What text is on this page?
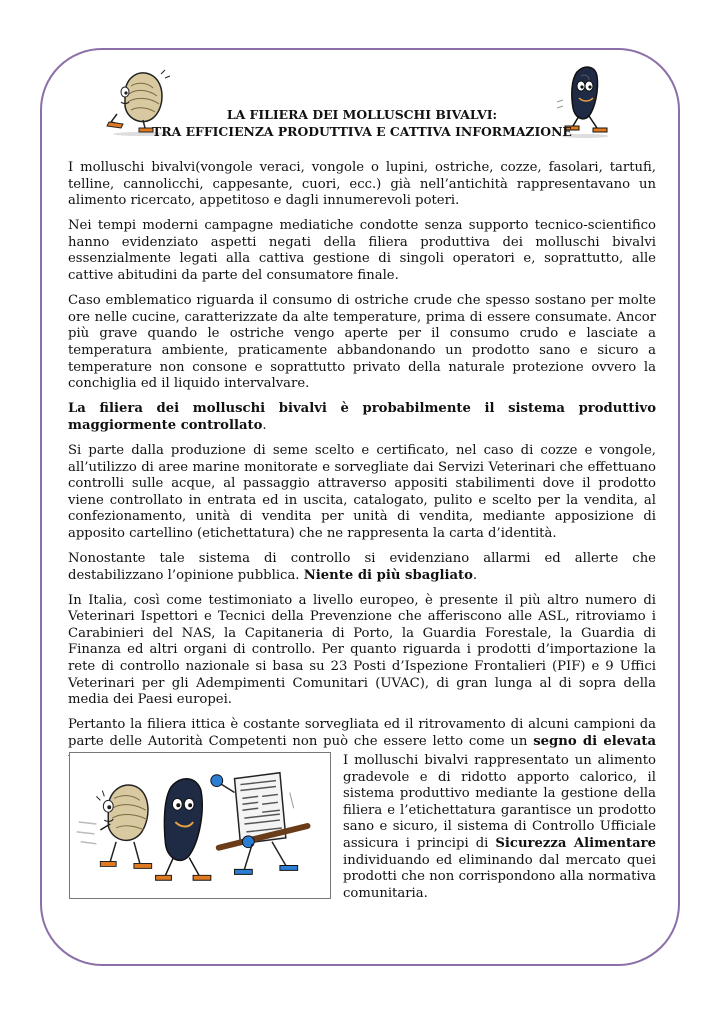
LA FILIERA DEI MOLLUSCHI BIVALVI:
TRA EFFICIENZA PRODUTTIVA E CATTIVA INFORMAZIONE

I molluschi bivalvi(vongole veraci, vongole o lupini, ostriche, cozze, fasolari, tartufi, telline, cannolicchi, cappesante, cuori, ecc.) già nell’antichità rappresentavano un alimento ricercato, appetitoso e dagli innumerevoli poteri.

Nei tempi moderni campagne mediatiche condotte senza supporto tecnico-scientifico hanno evidenziato aspetti negati della filiera produttiva dei molluschi bivalvi essenzialmente legati alla cattiva gestione di singoli operatori e, soprattutto, alle cattive abitudini da parte del consumatore finale.

Caso emblematico riguarda il consumo di ostriche crude che spesso sostano per molte ore nelle cucine, caratterizzate da alte temperature, prima di essere consumate. Ancor più grave quando le ostriche vengo aperte per il consumo crudo e lasciate a temperatura ambiente, praticamente abbandonando un prodotto sano e sicuro a temperature non consone e soprattutto privato della naturale protezione ovvero la conchiglia ed il liquido intervalvare.

La filiera dei molluschi bivalvi è probabilmente il sistema produttivo maggiormente controllato.

Si parte dalla produzione di seme scelto e certificato, nel caso di cozze e vongole, all’utilizzo di aree marine monitorate e sorvegliate dai Servizi Veterinari che effettuano controlli sulle acque, al passaggio attraverso appositi stabilimenti dove il prodotto viene controllato in entrata ed in uscita, catalogato, pulito e scelto per la vendita, al confezionamento, unità di vendita per unità di vendita, mediante apposizione di apposito cartellino (etichettatura) che ne rappresenta la carta d’identità.

Nonostante tale sistema di controllo si evidenziano allarmi ed allerte che destabilizzano l’opinione pubblica. Niente di più sbagliato.

In Italia, così come testimoniato a livello europeo, è presente il più altro numero di Veterinari Ispettori e Tecnici della Prevenzione che afferiscono alle ASL, ritroviamo i Carabinieri del NAS, la Capitaneria di Porto, la Guardia Forestale, la Guardia di Finanza ed altri organi di controllo. Per quanto riguarda i prodotti d’importazione la rete di controllo nazionale si basa su 23 Posti d’Ispezione Frontalieri (PIF) e 9 Uffici Veterinari per gli Adempimenti Comunitari (UVAC), di gran lunga al di sopra della media dei Paesi europei.

Pertanto la filiera ittica è costante sorvegliata ed il ritrovamento di alcuni campioni da parte delle Autorità Competenti non può che essere letto come un segno di elevata tutela per il cittadino italiano.	I molluschi bivalvi rappresentato un alimento gradevole e di ridotto apporto calorico, il sistema produttivo mediante la gestione della filiera e l’etichettatura garantisce un prodotto sano e sicuro, il sistema di Controllo Ufficiale assicura i principi di Sicurezza Alimentare individuando ed eliminando dal mercato quei prodotti che non corrispondono alla normativa comunitaria.
